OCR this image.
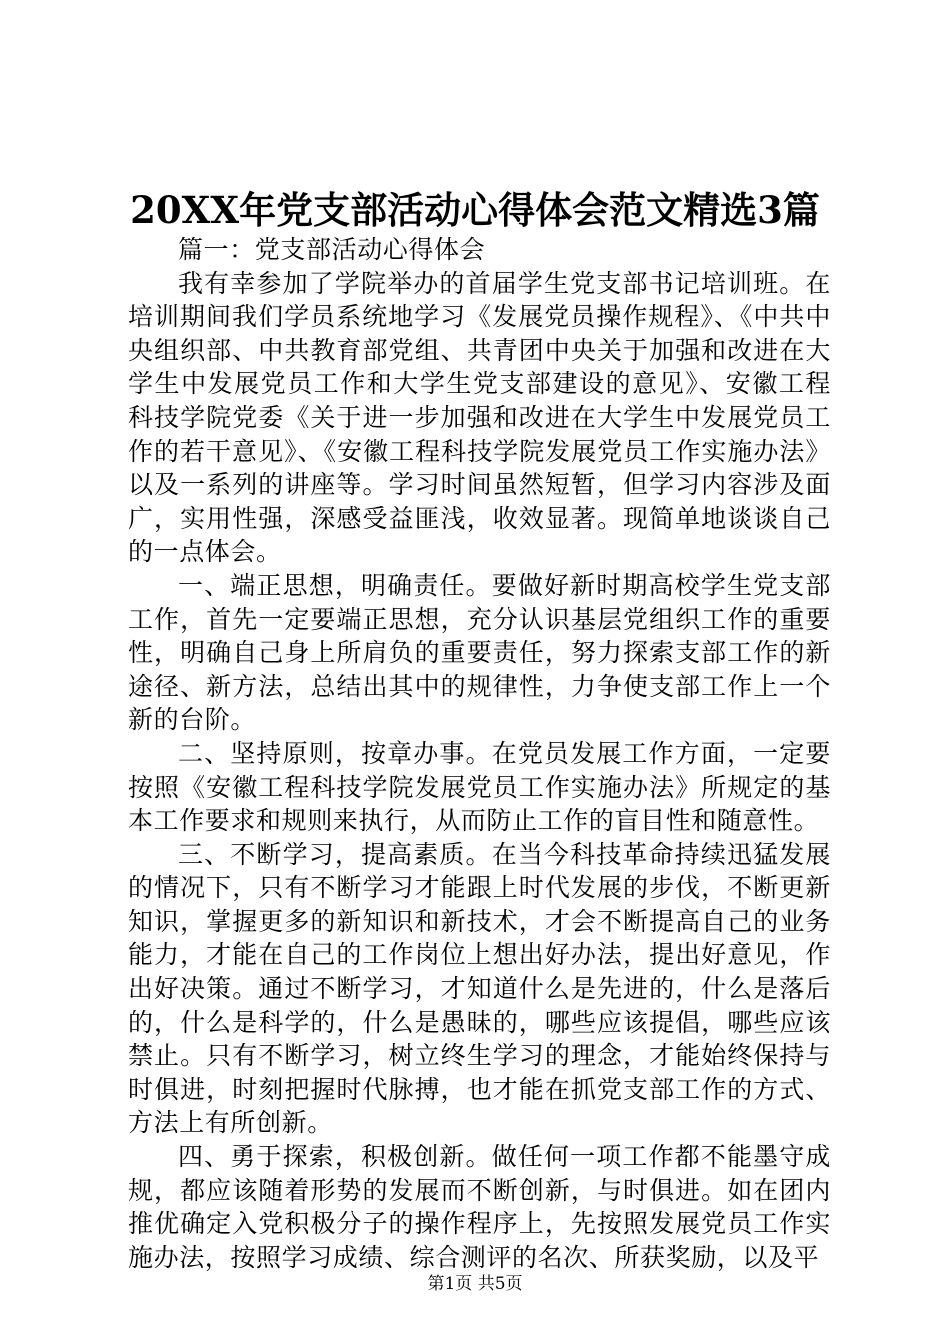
20XX年党支部活动心得体会范文精选3篇

篇一：党支部活动心得体会

我有幸参加了学院举办的首届学生党支部书记培训班。在培训期间我们学员系统地学习《发展党员操作规程》、《中共中央组织部、中共教育部党组、共青团中央关于加强和改进在大学生中发展党员工作和大学生党支部建设的意见》、安徽工程科技学院党委《关于进一步加强和改进在大学生中发展党员工作的若干意见》、《安徽工程科技学院发展党员工作实施办法》以及一系列的讲座等。学习时间虽然短暂，但学习内容涉及面广，实用性强，深感受益匪浅，收效显著。现简单地谈谈自己的一点体会。

一、端正思想，明确责任。要做好新时期高校学生党支部工作，首先一定要端正思想，充分认识基层党组织工作的重要性，明确自己身上所肩负的重要责任，努力探索支部工作的新途径、新方法，总结出其中的规律性，力争使支部工作上一个新的台阶。

二、坚持原则，按章办事。在党员发展工作方面，一定要按照《安徽工程科技学院发展党员工作实施办法》所规定的基本工作要求和规则来执行，从而防止工作的盲目性和随意性。

三、不断学习，提高素质。在当今科技革命持续迅猛发展的情况下，只有不断学习才能跟上时代发展的步伐，不断更新知识，掌握更多的新知识和新技术，才会不断提高自己的业务能力，才能在自己的工作岗位上想出好办法，提出好意见，作出好决策。通过不断学习，才知道什么是先进的，什么是落后的，什么是科学的，什么是愚昧的，哪些应该提倡，哪些应该禁止。只有不断学习，树立终生学习的理念，才能始终保持与时俱进，时刻把握时代脉搏，也才能在抓党支部工作的方式、方法上有所创新。

四、勇于探索，积极创新。做任何一项工作都不能墨守成规，都应该随着形势的发展而不断创新，与时俱进。如在团内推优确定入党积极分子的操作程序上，先按照发展党员工作实施办法，按照学习成绩、综合测评的名次、所获奖励，以及平

第1页 共5页
